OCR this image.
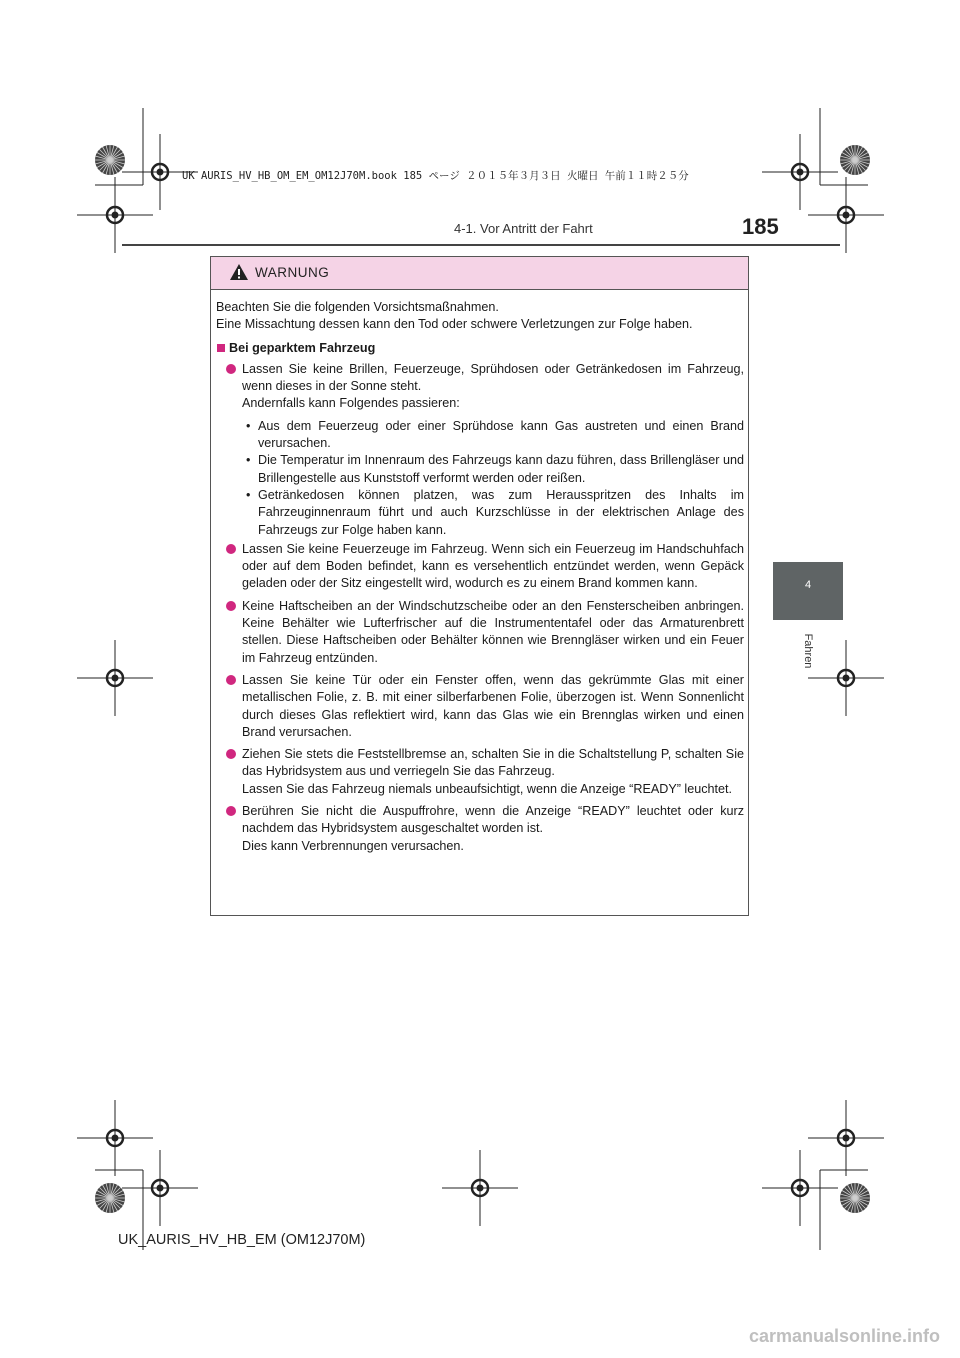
UK AURIS_HV_HB_OM_EM_OM12J70M.book 185 ページ ２０１５年３月３日 火曜日 午前１１時２５分
185
4-1. Vor Antritt der Fahrt
4
Fahren
WARNUNG

Beachten Sie die folgenden Vorsichtsmaßnahmen.
Eine Missachtung dessen kann den Tod oder schwere Verletzungen zur Folge haben.

Bei geparktem Fahrzeug

Lassen Sie keine Brillen, Feuerzeuge, Sprühdosen oder Getränkedosen im Fahrzeug, wenn dieses in der Sonne steht.
Andernfalls kann Folgendes passieren:
• Aus dem Feuerzeug oder einer Sprühdose kann Gas austreten und einen Brand verursachen.
• Die Temperatur im Innenraum des Fahrzeugs kann dazu führen, dass Brillengläser und Brillengestelle aus Kunststoff verformt werden oder reißen.
• Getränkedosen können platzen, was zum Herausspritzen des Inhalts im Fahrzeuginnenraum führt und auch Kurzschlüsse in der elektrischen Anlage des Fahrzeugs zur Folge haben kann.
Lassen Sie keine Feuerzeuge im Fahrzeug. Wenn sich ein Feuerzeug im Handschuhfach oder auf dem Boden befindet, kann es versehentlich entzündet werden, wenn Gepäck geladen oder der Sitz eingestellt wird, wodurch es zu einem Brand kommen kann.
Keine Haftscheiben an der Windschutzscheibe oder an den Fensterscheiben anbringen. Keine Behälter wie Lufterfrischer auf die Instrumententafel oder das Armaturenbrett stellen. Diese Haftscheiben oder Behälter können wie Brenngläser wirken und ein Feuer im Fahrzeug entzünden.
Lassen Sie keine Tür oder ein Fenster offen, wenn das gekrümmte Glas mit einer metallischen Folie, z. B. mit einer silberfarbenen Folie, überzogen ist. Wenn Sonnenlicht durch dieses Glas reflektiert wird, kann das Glas wie ein Brennglas wirken und einen Brand verursachen.
Ziehen Sie stets die Feststellbremse an, schalten Sie in die Schaltstellung P, schalten Sie das Hybridsystem aus und verriegeln Sie das Fahrzeug.
Lassen Sie das Fahrzeug niemals unbeaufsichtigt, wenn die Anzeige “READY” leuchtet.
Berühren Sie nicht die Auspuffrohre, wenn die Anzeige “READY” leuchtet oder kurz nachdem das Hybridsystem ausgeschaltet worden ist.
Dies kann Verbrennungen verursachen.
UK_AURIS_HV_HB_EM (OM12J70M)
carmanualsonline.info
